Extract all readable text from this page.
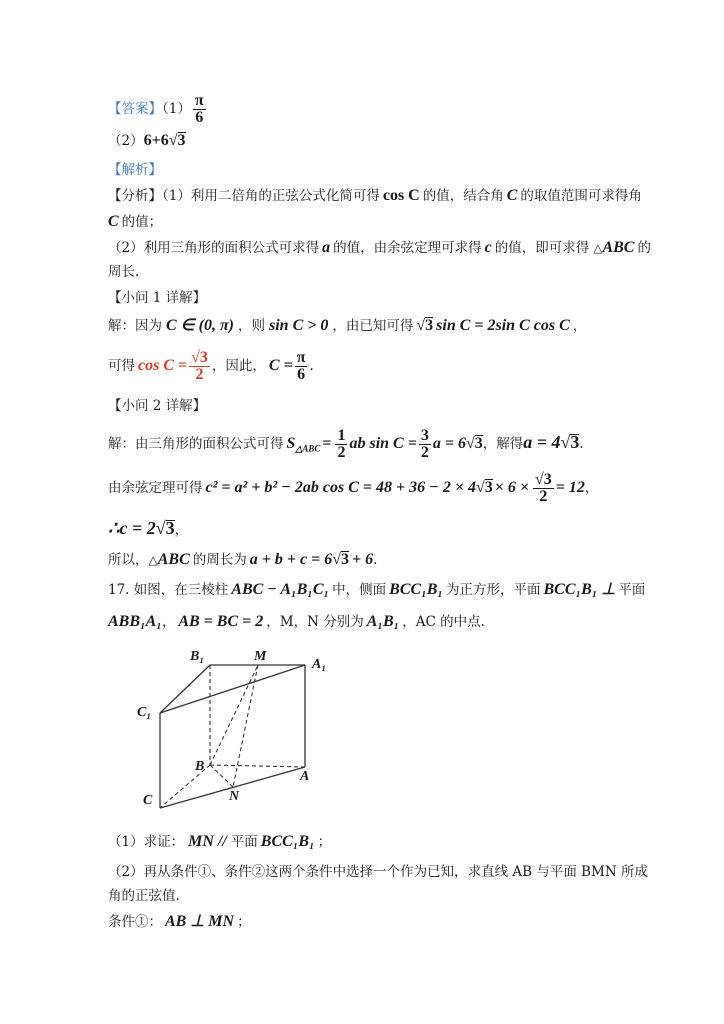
【答案】$(1) \frac{\pi}{6}$
（2）6+6√3
【解析】
【分析】（1）利用二倍角的正弦公式化简可得 cos C 的值，结合角 C 的取值范围可求得角
C 的值；
（2）利用三角形的面积公式可求得 a 的值，由余弦定理可求得 c 的值，即可求得 △ABC 的
周长.
【小问 1 详解】
解：因为 C ∈ (0, π) ，则 sin C > 0 ，由已知可得 √3 sin C = 2sin C cos C ，
可得 $\cos C = \frac{√3}{2}$ ，因此， $C = \frac{\pi}{6}$ .
【小问 2 详解】
解：由三角形的面积公式可得 $S_{\triangle ABC} = \frac{1}{2}$ ab $\sin C = \frac{3}{2}$ a = 6√3，解得a = 4√3.
由余弦定理可得 c² = a² + b² − 2ab $\cos C = 48 + 36 - 2 \times 4√3 \times 6 \times \frac{√3}{2} = 12$，
∴c = 2√3，
所以，△ABC 的周长为 a + b + c = 6√3 + 6.
17. 如图，在三棱柱 ABC − A₁B₁C₁ 中，侧面 BCC₁B₁ 为正方形，平面 BCC₁B₁ ⊥ 平面
ABB₁A₁， AB = BC = 2 ，M，N 分别为 A₁B₁ ，AC 的中点.
B₁	M
A₁
C₁
B
A
C	N
（1）求证： MN // 平面 BCC₁B₁ ；
（2）再从条件①、条件②这两个条件中选择一个作为已知，求直线 AB 与平面 BMN 所成
角的正弦值.
条件①： AB ⊥ MN ；
